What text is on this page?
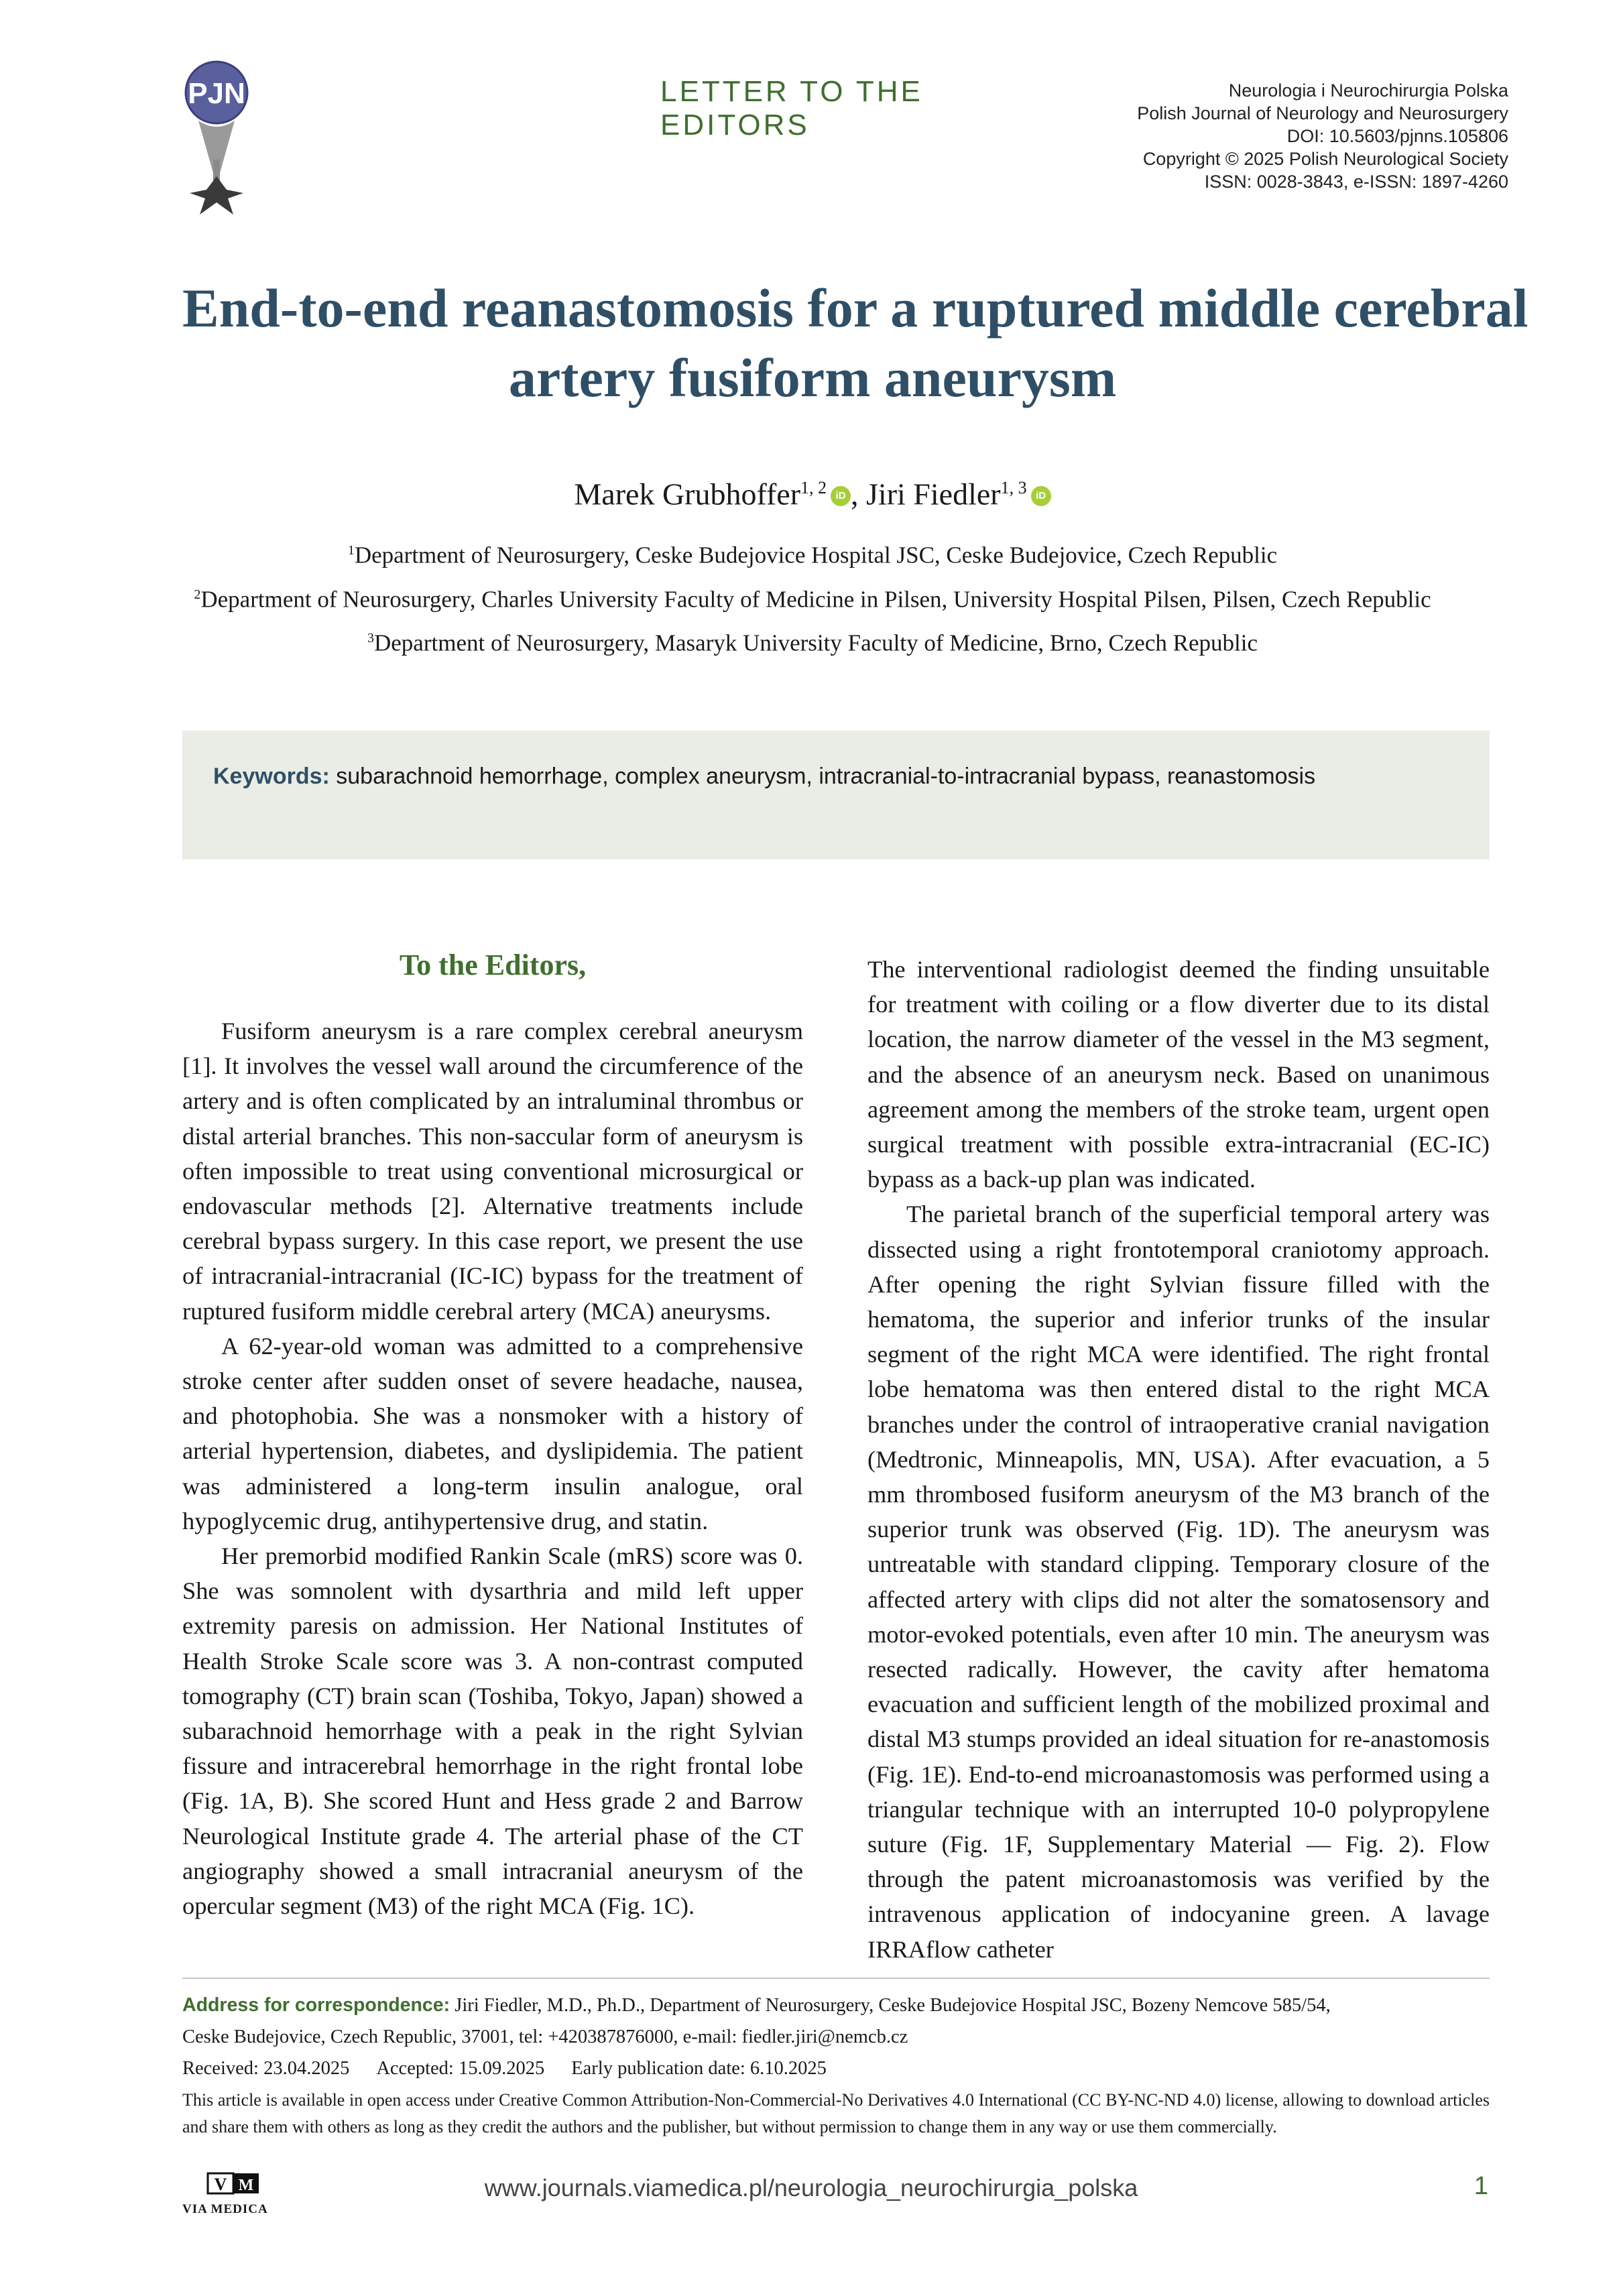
PJN	LETTER TO THE EDITORS
Neurologia i Neurochirurgia Polska
Polish Journal of Neurology and Neurosurgery
DOI: 10.5603/pjnns.105806
Copyright © 2025 Polish Neurological Society
ISSN: 0028-3843, e-ISSN: 1897-4260
End-to-end reanastomosis for a ruptured middle cerebral
artery fusiform aneurysm
Marek Grubhoffer$^{1, 2}$ iD , Jiri Fiedler$^{1, 3}$ iD
$^1$Department of Neurosurgery, Ceske Budejovice Hospital JSC, Ceske Budejovice, Czech Republic
$^2$Department of Neurosurgery, Charles University Faculty of Medicine in Pilsen, University Hospital Pilsen, Pilsen, Czech Republic
$^3$Department of Neurosurgery, Masaryk University Faculty of Medicine, Brno, Czech Republic
Keywords: subarachnoid hemorrhage, complex aneurysm, intracranial-to-intracranial bypass, reanastomosis
To the Editors,

Fusiform aneurysm is a rare complex cerebral aneurysm [1]. It involves the vessel wall around the circumference of the artery and is often complicated by an intraluminal thrombus or distal arterial branches. This non-saccular form of aneurysm is often impossible to treat using conventional microsurgical or endovascular methods [2]. Alternative treatments include cerebral bypass surgery. In this case report, we present the use of intracranial-intracranial (IC-IC) bypass for the treatment of ruptured fusiform middle cerebral artery (MCA) aneurysms.

A 62-year-old woman was admitted to a comprehensive stroke center after sudden onset of severe headache, nausea, and photophobia. She was a nonsmoker with a history of arterial hypertension, diabetes, and dyslipidemia. The patient was administered a long-term insulin analogue, oral hypoglycemic drug, antihypertensive drug, and statin.

Her premorbid modified Rankin Scale (mRS) score was 0. She was somnolent with dysarthria and mild left upper extremity paresis on admission. Her National Institutes of Health Stroke Scale score was 3. A non-contrast computed tomography (CT) brain scan (Toshiba, Tokyo, Japan) showed a subarachnoid hemorrhage with a peak in the right Sylvian fissure and intracerebral hemorrhage in the right frontal lobe (Fig. 1A, B). She scored Hunt and Hess grade 2 and Barrow Neurological Institute grade 4. The arterial phase of the CT angiography showed a small intracranial aneurysm of the opercular segment (M3) of the right MCA (Fig. 1C).

The interventional radiologist deemed the finding unsuitable for treatment with coiling or a flow diverter due to its distal location, the narrow diameter of the vessel in the M3 segment, and the absence of an aneurysm neck. Based on unanimous agreement among the members of the stroke team, urgent open surgical treatment with possible extra-intracranial (EC-IC) bypass as a back-up plan was indicated.

The parietal branch of the superficial temporal artery was dissected using a right frontotemporal craniotomy approach. After opening the right Sylvian fissure filled with the hematoma, the superior and inferior trunks of the insular segment of the right MCA were identified. The right frontal lobe hematoma was then entered distal to the right MCA branches under the control of intraoperative cranial navigation (Medtronic, Minneapolis, MN, USA). After evacuation, a 5 mm thrombosed fusiform aneurysm of the M3 branch of the superior trunk was observed (Fig. 1D). The aneurysm was untreatable with standard clipping. Temporary closure of the affected artery with clips did not alter the somatosensory and motor-evoked potentials, even after 10 min. The aneurysm was resected radically. However, the cavity after hematoma evacuation and sufficient length of the mobilized proximal and distal M3 stumps provided an ideal situation for re-anastomosis (Fig. 1E). End-to-end microanastomosis was performed using a triangular technique with an interrupted 10-0 polypropylene suture (Fig. 1F, Supplementary Material — Fig. 2). Flow through the patent microanastomosis was verified by the intravenous application of indocyanine green. A lavage IRRAflow catheter

Address for correspondence: Jiri Fiedler, M.D., Ph.D., Department of Neurosurgery, Ceske Budejovice Hospital JSC, Bozeny Nemcove 585/54,
Ceske Budejovice, Czech Republic, 37001, tel: +420387876000, e-mail: fiedler.jiri@nemcb.cz
Received: 23.04.2025 Accepted: 15.09.2025 Early publication date: 6.10.2025
This article is available in open access under Creative Common Attribution-Non-Commercial-No Derivatives 4.0 International (CC BY-NC-ND 4.0) license, allowing to download articles and share them with others as long as they credit the authors and the publisher, but without permission to change them in any way or use them commercially.
V M
VIA MEDICA
www.journals.viamedica.pl/neurologia_neurochirurgia_polska	1
